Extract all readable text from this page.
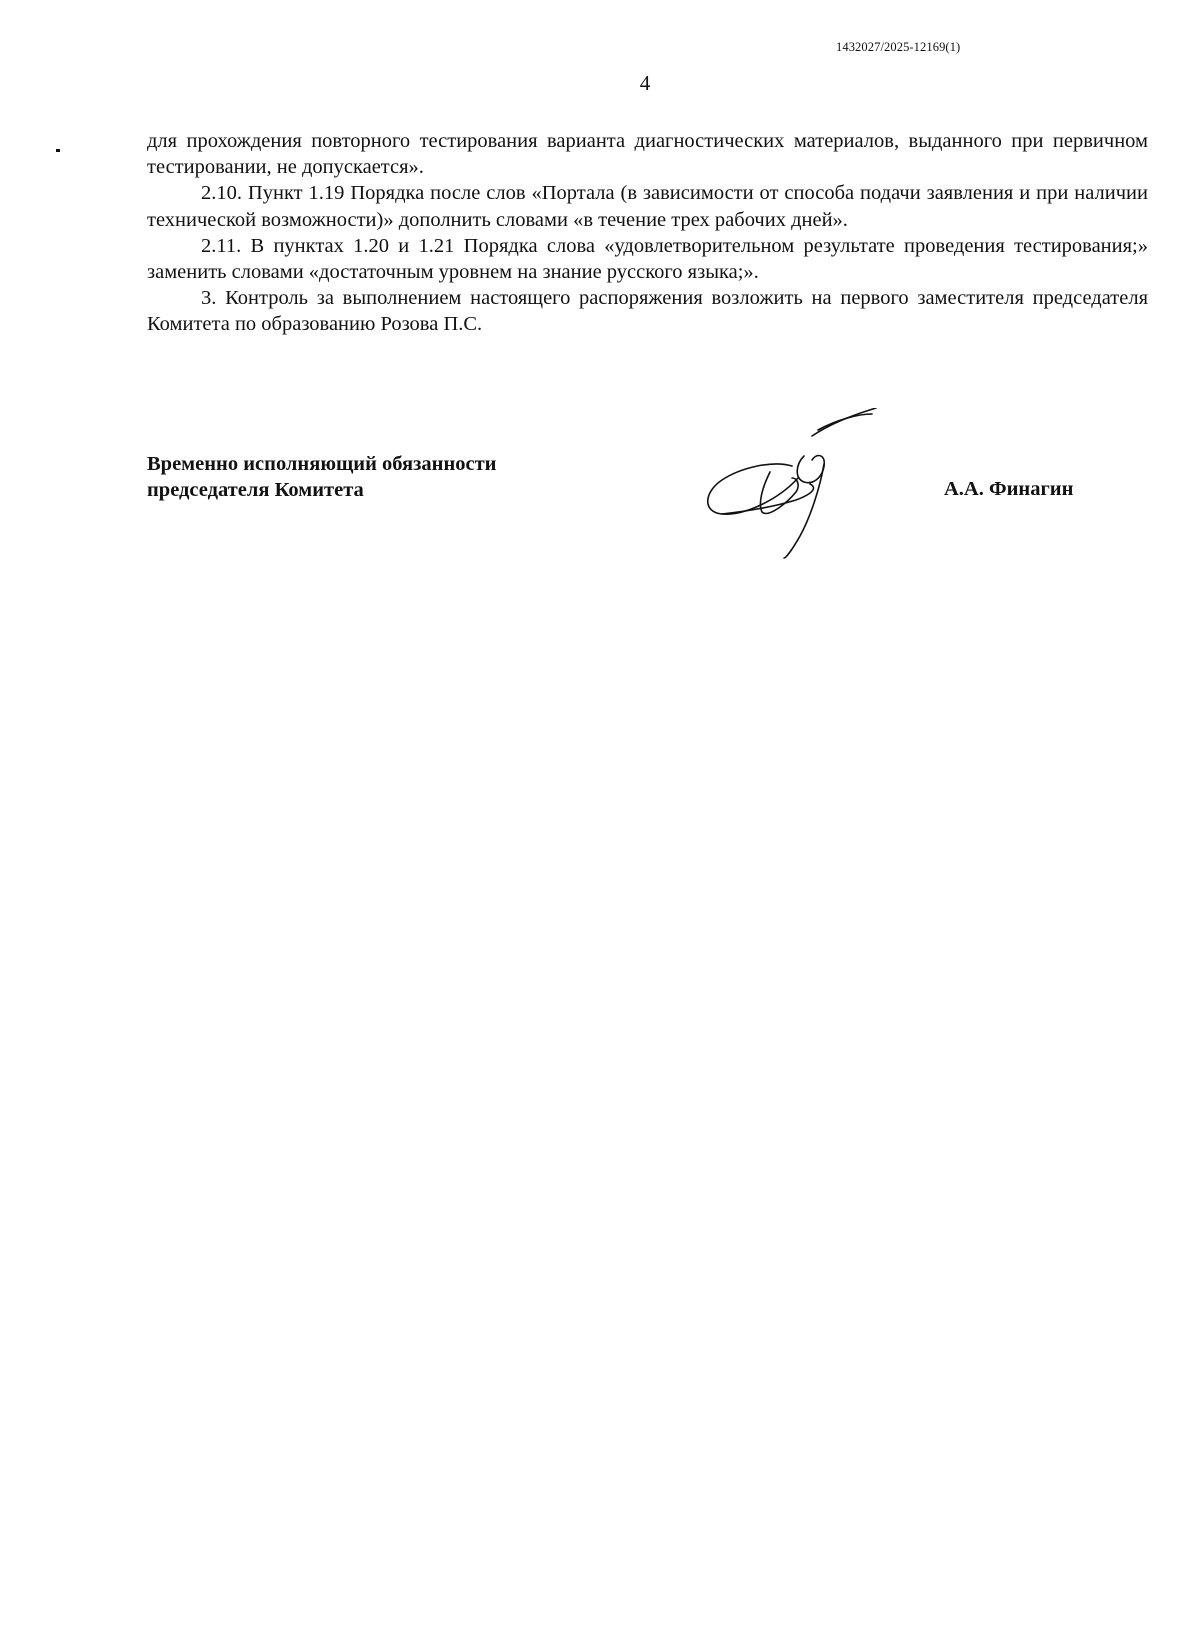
1432027/2025-12169(1)
4

для прохождения повторного тестирования варианта диагностических материалов, выданного при первичном тестировании, не допускается».

2.10. Пункт 1.19 Порядка после слов «Портала (в зависимости от способа подачи заявления и при наличии технической возможности)» дополнить словами «в течение трех рабочих дней».

2.11. В пунктах 1.20 и 1.21 Порядка слова «удовлетворительном результате проведения тестирования;» заменить словами «достаточным уровнем на знание русского языка;».

3. Контроль за выполнением настоящего распоряжения возложить на первого заместителя председателя Комитета по образованию Розова П.С.

Временно исполняющий обязанности
председателя Комитета	А.А. Финагин
